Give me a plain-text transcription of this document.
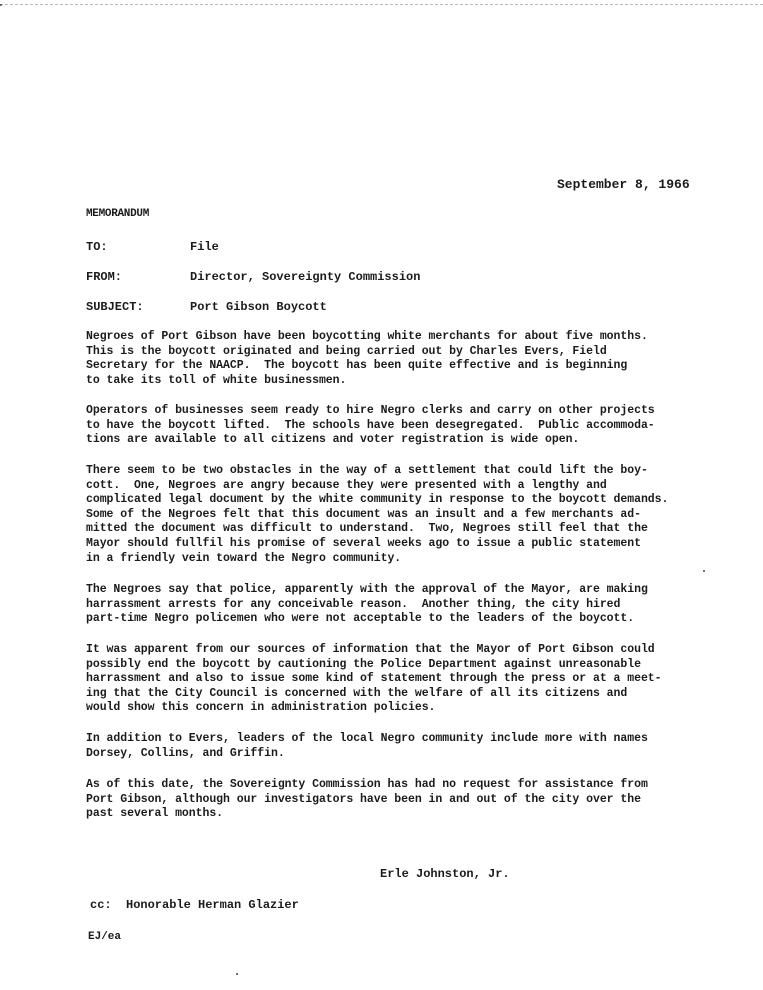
September 8, 1966
MEMORANDUM
TO:	File
FROM:	Director, Sovereignty Commission
SUBJECT:	Port Gibson Boycott
Negroes of Port Gibson have been boycotting white merchants for about five months.
This is the boycott originated and being carried out by Charles Evers, Field
Secretary for the NAACP.  The boycott has been quite effective and is beginning
to take its toll of white businessmen.
Operators of businesses seem ready to hire Negro clerks and carry on other projects
to have the boycott lifted.  The schools have been desegregated.  Public accommoda-
tions are available to all citizens and voter registration is wide open.
There seem to be two obstacles in the way of a settlement that could lift the boy-
cott.  One, Negroes are angry because they were presented with a lengthy and
complicated legal document by the white community in response to the boycott demands.
Some of the Negroes felt that this document was an insult and a few merchants ad-
mitted the document was difficult to understand.  Two, Negroes still feel that the
Mayor should fullfil his promise of several weeks ago to issue a public statement
in a friendly vein toward the Negro community.
The Negroes say that police, apparently with the approval of the Mayor, are making
harrassment arrests for any conceivable reason.  Another thing, the city hired
part-time Negro policemen who were not acceptable to the leaders of the boycott.
It was apparent from our sources of information that the Mayor of Port Gibson could
possibly end the boycott by cautioning the Police Department against unreasonable
harrassment and also to issue some kind of statement through the press or at a meet-
ing that the City Council is concerned with the welfare of all its citizens and
would show this concern in administration policies.
In addition to Evers, leaders of the local Negro community include more with names
Dorsey, Collins, and Griffin.
As of this date, the Sovereignty Commission has had no request for assistance from
Port Gibson, although our investigators have been in and out of the city over the
past several months.
Erle Johnston, Jr.
cc:  Honorable Herman Glazier
EJ/ea
